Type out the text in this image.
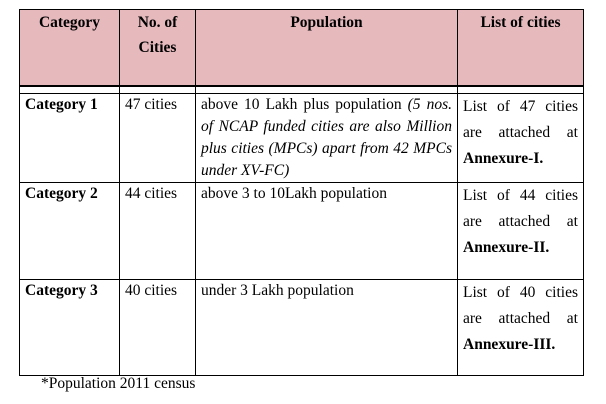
Category	No. of Cities	Population	List of cities

Category 1	47 cities	above 10 Lakh plus population (5 nos. of NCAP funded cities are also Million plus cities (MPCs) apart from 42 MPCs under XV-FC)	List of 47 cities are attached at Annexure-I.
Category 2	44 cities	above 3 to 10Lakh population	List of 44 cities are attached at Annexure-II.
Category 3	40 cities	under 3 Lakh population	List of 40 cities are attached at Annexure-III.
*Population 2011 census
